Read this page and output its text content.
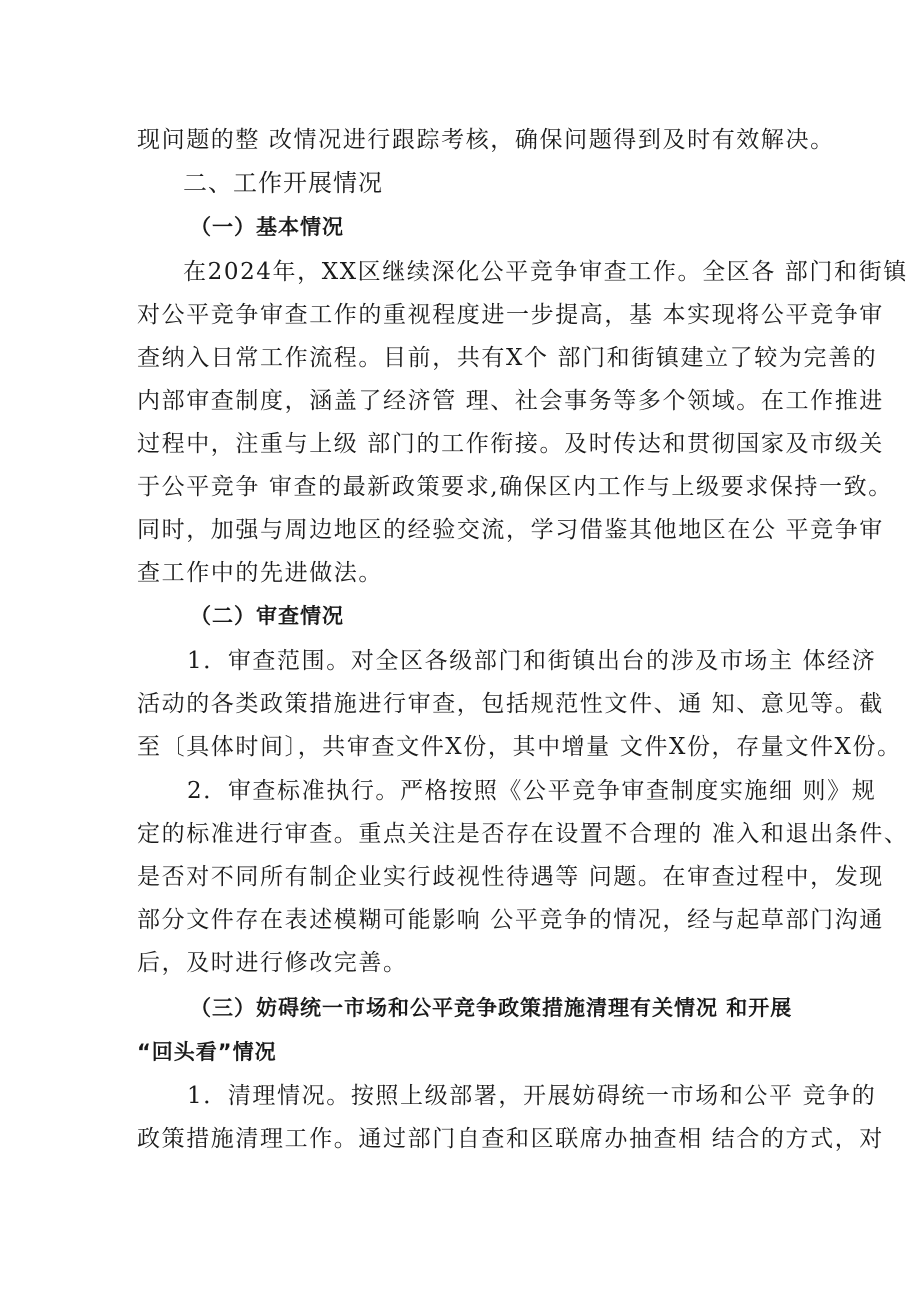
现问题的整 改情况进行跟踪考核，确保问题得到及时有效解决。
二、工作开展情况
（一）基本情况
在2024年，XX区继续深化公平竞争审查工作。全区各 部门和街镇
对公平竞争审查工作的重视程度进一步提高，基 本实现将公平竞争审
查纳入日常工作流程。目前，共有X个 部门和街镇建立了较为完善的
内部审查制度，涵盖了经济管 理、社会事务等多个领域。在工作推进
过程中，注重与上级 部门的工作衔接。及时传达和贯彻国家及市级关
于公平竞争 审查的最新政策要求,确保区内工作与上级要求保持一致。
同时，加强与周边地区的经验交流，学习借鉴其他地区在公 平竞争审
查工作中的先进做法。
（二）审查情况
1．审查范围。对全区各级部门和街镇出台的涉及市场主 体经济
活动的各类政策措施进行审查，包括规范性文件、通 知、意见等。截
至〔具体时间〕，共审查文件X份，其中增量 文件X份，存量文件X份。
2．审查标准执行。严格按照《公平竞争审查制度实施细 则》规
定的标准进行审查。重点关注是否存在设置不合理的 准入和退出条件、
是否对不同所有制企业实行歧视性待遇等 问题。在审查过程中，发现
部分文件存在表述模糊可能影响 公平竞争的情况，经与起草部门沟通
后，及时进行修改完善。
（三）妨碍统一市场和公平竞争政策措施清理有关情况 和开展
“回头看”情况
1．清理情况。按照上级部署，开展妨碍统一市场和公平 竞争的
政策措施清理工作。通过部门自查和区联席办抽查相 结合的方式，对
